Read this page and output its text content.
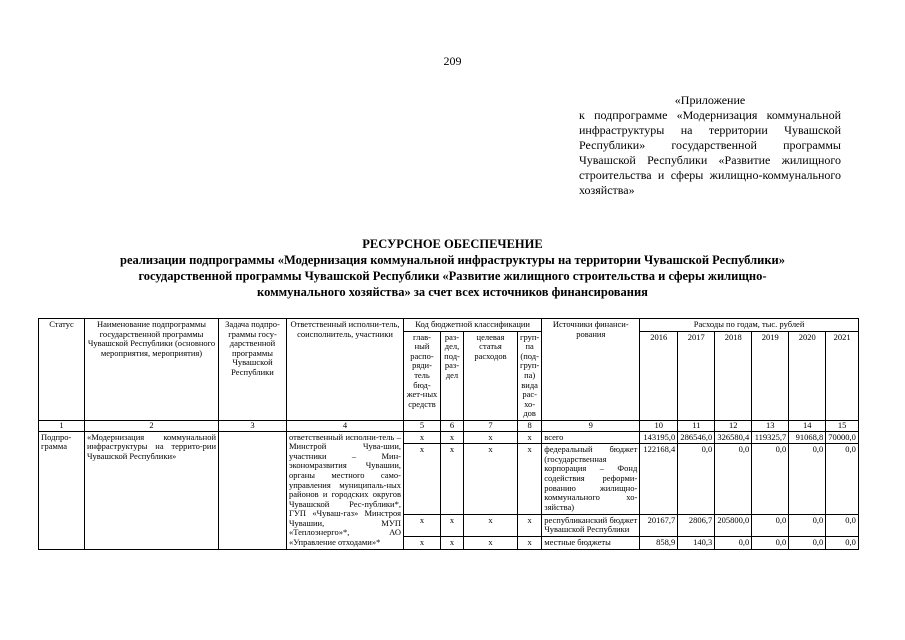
209
«Приложение
к подпрограмме «Модернизация коммунальной инфраструктуры на территории Чувашской Республики» государственной программы Чувашской Республики «Развитие жилищного строительства и сферы жилищно-коммунального хозяйства»
РЕСУРСНОЕ ОБЕСПЕЧЕНИЕ
реализации подпрограммы «Модернизация коммунальной инфраструктуры на территории Чувашской Республики»
государственной программы Чувашской Республики «Развитие жилищного строительства и сферы жилищно-
коммунального хозяйства» за счет всех источников финансирования
Статус	Наименование подпрограммы государственной программы Чувашской Республики (основного мероприятия, мероприятия)	Задача подпро-граммы госу-дарственной программы Чувашской Республики	Ответственный исполни-тель, соисполнитель, участники	Код бюджетной классификации				Источники финанси-рования	Расходы по годам, тыс. рублей					
				глав-ный распо-ряди-тель бюд-жет-ных средств	раз-дел, под-раз-дел	целевая статья расходов	груп-па (под-груп-па) вида рас-хо-дов		2016	2017	2018	2019	2020	2021
1	2	3	4	5	6	7	8	9	10	11	12	13	14	15
Подпро-грамма	«Модернизация коммунальной инфраструктуры на террито-рии Чувашской Республики»		ответственный исполни-тель – Минстрой Чува-шии, участники – Мин-экономразвития Чувашии, органы местного само-управления муниципаль-ных районов и городских округов Чувашской Рес-публики*, ГУП «Чуваш-газ» Минстроя Чувашии, МУП «Теплоэнерго»*, АО «Управление отходами»*	x	x	x	x	всего	143195,0	286546,0	326580,4	119325,7	91068,8	70000,0
				x	x	x	x	федеральный бюджет (государственная корпорация – Фонд содействия реформи-рованию жилищно-коммунального хо-зяйства)	122168,4	0,0	0,0	0,0	0,0	0,0
				x	x	x	x	республиканский бюджет Чувашской Республики	20167,7	2806,7	205800,0	0,0	0,0	0,0
				x	x	x	x	местные бюджеты	858,9	140,3	0,0	0,0	0,0	0,0
